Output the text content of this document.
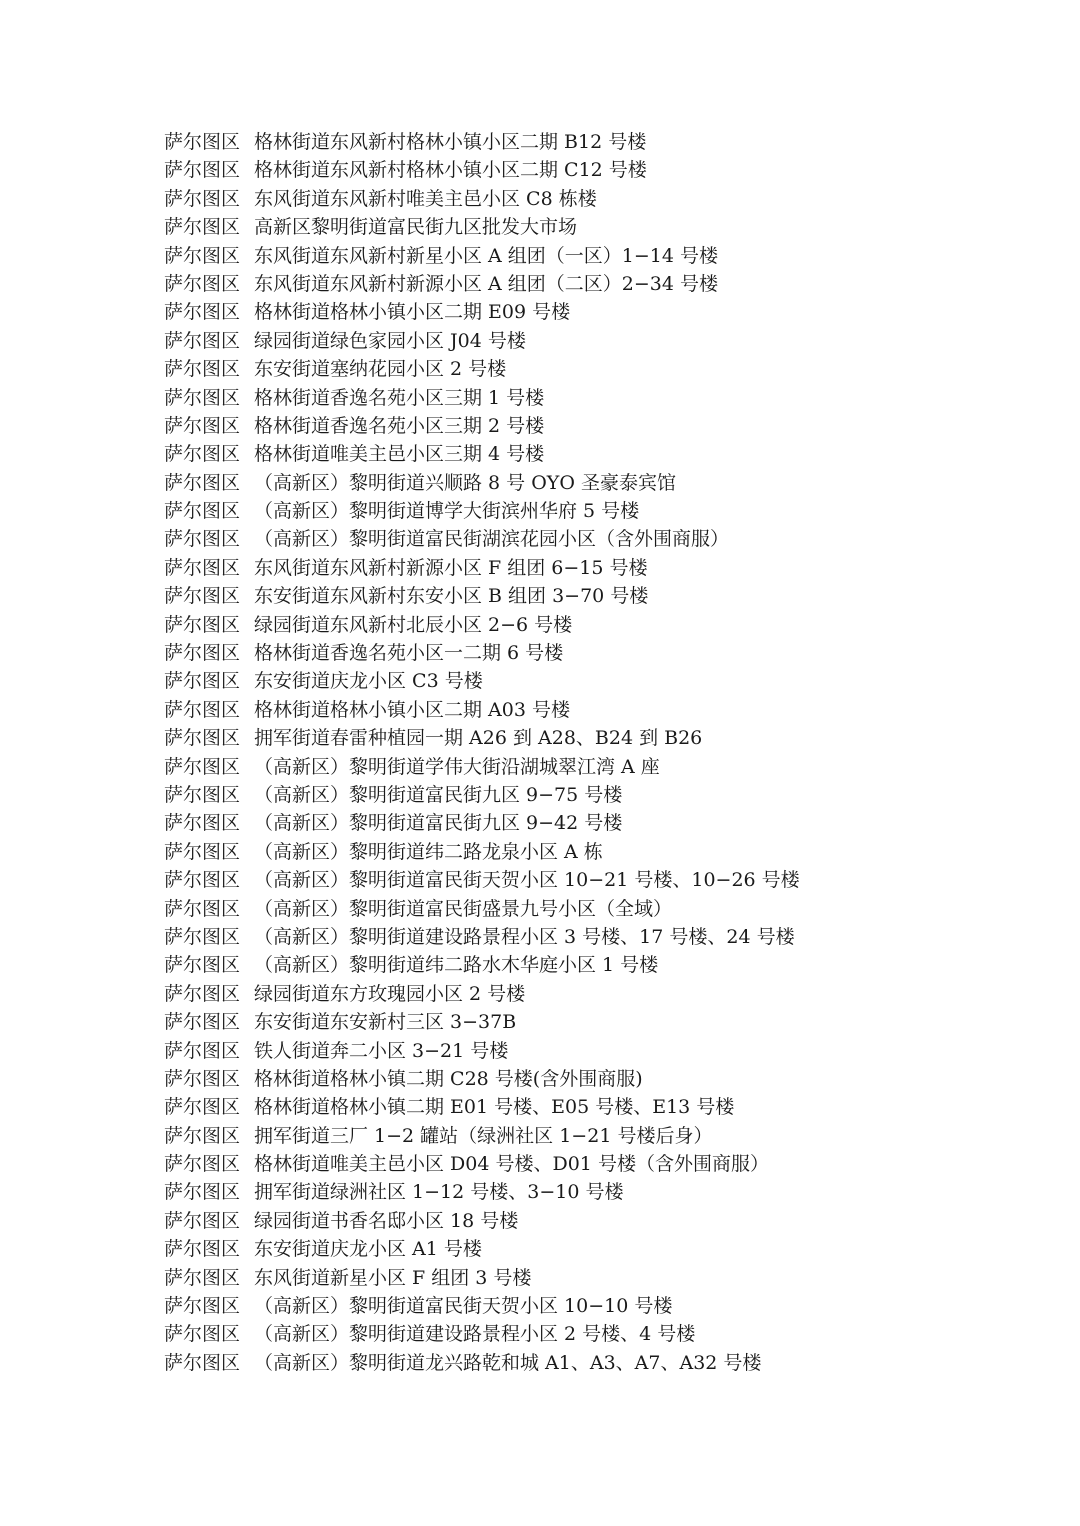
萨尔图区 格林街道东风新村格林小镇小区二期 B12 号楼
萨尔图区 格林街道东风新村格林小镇小区二期 C12 号楼
萨尔图区 东风街道东风新村唯美主邑小区 C8 栋楼
萨尔图区 高新区黎明街道富民街九区批发大市场
萨尔图区 东风街道东风新村新星小区 A 组团（一区）1−14 号楼
萨尔图区 东风街道东风新村新源小区 A 组团（二区）2−34 号楼
萨尔图区 格林街道格林小镇小区二期 E09 号楼
萨尔图区 绿园街道绿色家园小区 J04 号楼
萨尔图区 东安街道塞纳花园小区 2 号楼
萨尔图区 格林街道香逸名苑小区三期 1 号楼
萨尔图区 格林街道香逸名苑小区三期 2 号楼
萨尔图区 格林街道唯美主邑小区三期 4 号楼
萨尔图区 （高新区）黎明街道兴顺路 8 号 OYO 圣豪泰宾馆
萨尔图区 （高新区）黎明街道博学大街滨州华府 5 号楼
萨尔图区 （高新区）黎明街道富民街湖滨花园小区（含外围商服）
萨尔图区 东风街道东风新村新源小区 F 组团 6−15 号楼
萨尔图区 东安街道东风新村东安小区 B 组团 3−70 号楼
萨尔图区 绿园街道东风新村北辰小区 2−6 号楼
萨尔图区 格林街道香逸名苑小区一二期 6 号楼
萨尔图区 东安街道庆龙小区 C3 号楼
萨尔图区 格林街道格林小镇小区二期 A03 号楼
萨尔图区 拥军街道春雷种植园一期 A26 到 A28、B24 到 B26
萨尔图区 （高新区）黎明街道学伟大街沿湖城翠江湾 A 座
萨尔图区 （高新区）黎明街道富民街九区 9−75 号楼
萨尔图区 （高新区）黎明街道富民街九区 9−42 号楼
萨尔图区 （高新区）黎明街道纬二路龙泉小区 A 栋
萨尔图区 （高新区）黎明街道富民街天贺小区 10−21 号楼、10−26 号楼
萨尔图区 （高新区）黎明街道富民街盛景九号小区（全域）
萨尔图区 （高新区）黎明街道建设路景程小区 3 号楼、17 号楼、24 号楼
萨尔图区 （高新区）黎明街道纬二路水木华庭小区 1 号楼
萨尔图区 绿园街道东方玫瑰园小区 2 号楼
萨尔图区 东安街道东安新村三区 3−37B
萨尔图区 铁人街道奔二小区 3−21 号楼
萨尔图区 格林街道格林小镇二期 C28 号楼(含外围商服)
萨尔图区 格林街道格林小镇二期 E01 号楼、E05 号楼、E13 号楼
萨尔图区 拥军街道三厂 1−2 罐站（绿洲社区 1−21 号楼后身）
萨尔图区 格林街道唯美主邑小区 D04 号楼、D01 号楼（含外围商服）
萨尔图区 拥军街道绿洲社区 1−12 号楼、3−10 号楼
萨尔图区 绿园街道书香名邸小区 18 号楼
萨尔图区 东安街道庆龙小区 A1 号楼
萨尔图区 东风街道新星小区 F 组团 3 号楼
萨尔图区 （高新区）黎明街道富民街天贺小区 10−10 号楼
萨尔图区 （高新区）黎明街道建设路景程小区 2 号楼、4 号楼
萨尔图区 （高新区）黎明街道龙兴路乾和城 A1、A3、A7、A32 号楼
